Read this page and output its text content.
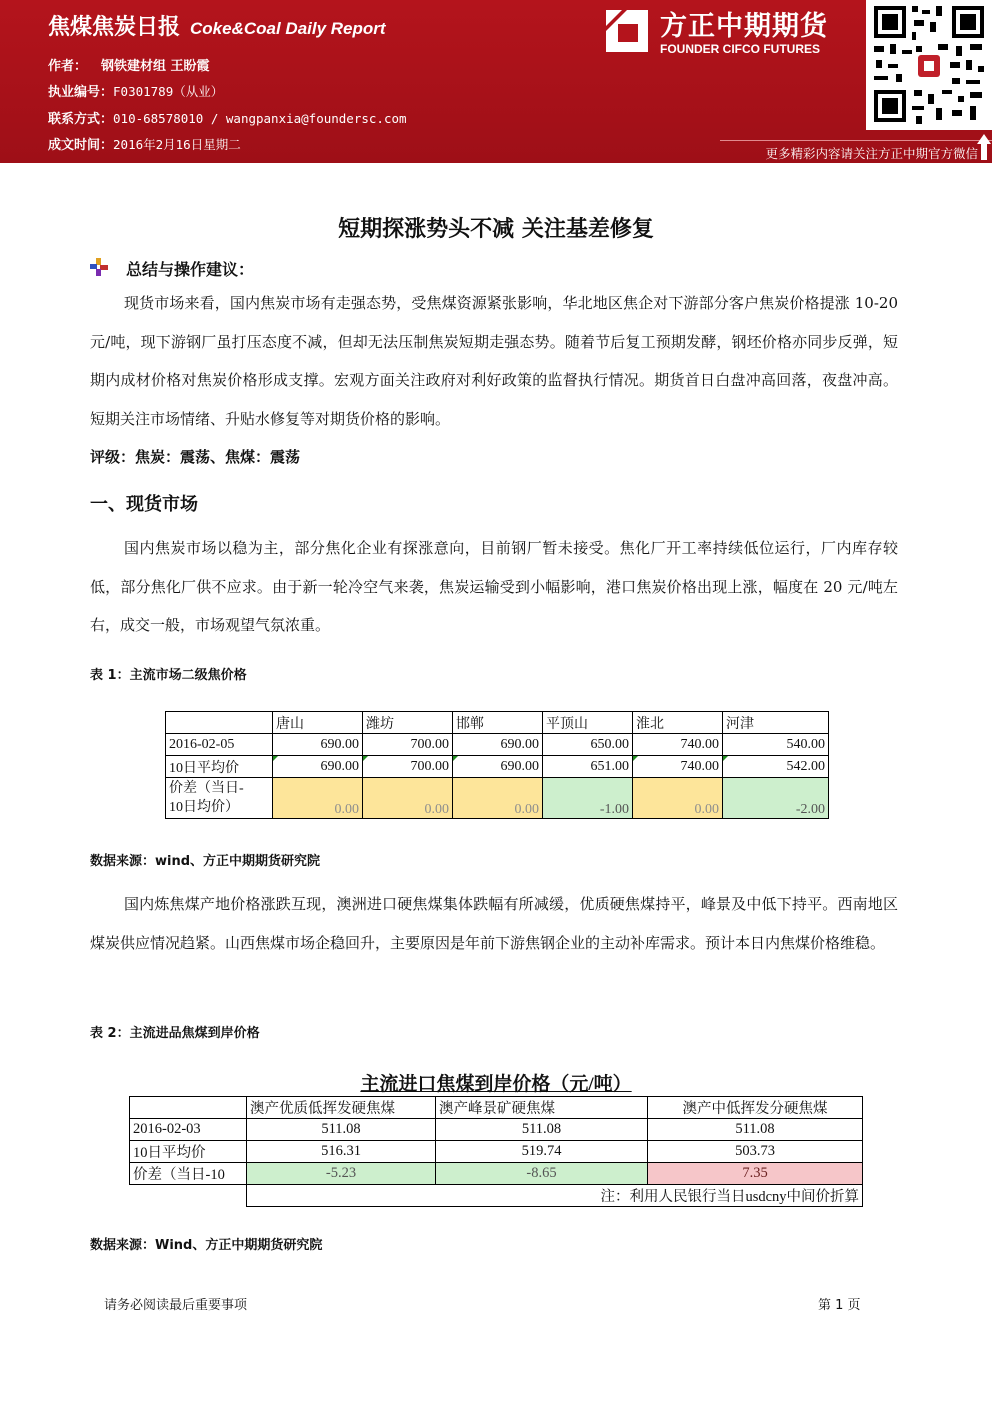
焦煤焦炭日报 Coke&Coal Daily Report
作者： 钢铁建材组 王盼霞
执业编号：F0301789（从业）
联系方式：010-68578010 / wangpanxia@foundersc.com
成文时间：2016年2月16日星期二
方正中期期货
FOUNDER CIFCO FUTURES
更多精彩内容请关注方正中期官方微信
短期探涨势头不减 关注基差修复
总结与操作建议：
现货市场来看，国内焦炭市场有走强态势，受焦煤资源紧张影响，华北地区焦企对下游部分客户焦炭价格提涨 10-20 元/吨，现下游钢厂虽打压态度不减，但却无法压制焦炭短期走强态势。随着节后复工预期发酵，钢坯价格亦同步反弹，短期内成材价格对焦炭价格形成支撑。宏观方面关注政府对利好政策的监督执行情况。期货首日白盘冲高回落，夜盘冲高。短期关注市场情绪、升贴水修复等对期货价格的影响。
评级：焦炭：震荡、焦煤：震荡
一、现货市场
国内焦炭市场以稳为主，部分焦化企业有探涨意向，目前钢厂暂未接受。焦化厂开工率持续低位运行，厂内库存较低，部分焦化厂供不应求。由于新一轮冷空气来袭，焦炭运输受到小幅影响，港口焦炭价格出现上涨，幅度在 20 元/吨左右，成交一般，市场观望气氛浓重。
表 1：主流市场二级焦价格
	唐山	潍坊	邯郸	平顶山	淮北	河津
2016-02-05	690.00	700.00	690.00	650.00	740.00	540.00
10日平均价	690.00	700.00	690.00	651.00	740.00	542.00
价差（当日-
10日均价）	0.00	0.00	0.00	-1.00	0.00	-2.00
数据来源：wind、方正中期期货研究院
国内炼焦煤产地价格涨跌互现，澳洲进口硬焦煤集体跌幅有所减缓，优质硬焦煤持平，峰景及中低下持平。西南地区煤炭供应情况趋紧。山西焦煤市场企稳回升，主要原因是年前下游焦钢企业的主动补库需求。预计本日内焦煤价格维稳。
表 2：主流进品焦煤到岸价格
主流进口焦煤到岸价格（元/吨）			
	澳产优质低挥发硬焦煤	澳产峰景矿硬焦煤	澳产中低挥发分硬焦煤
2016-02-03	511.08	511.08	511.08
10日平均价	516.31	519.74	503.73
价差（当日-10	-5.23	-8.65	7.35
	注：利用人民银行当日usdcny中间价折算		
数据来源：Wind、方正中期期货研究院
请务必阅读最后重要事项	第 1 页
